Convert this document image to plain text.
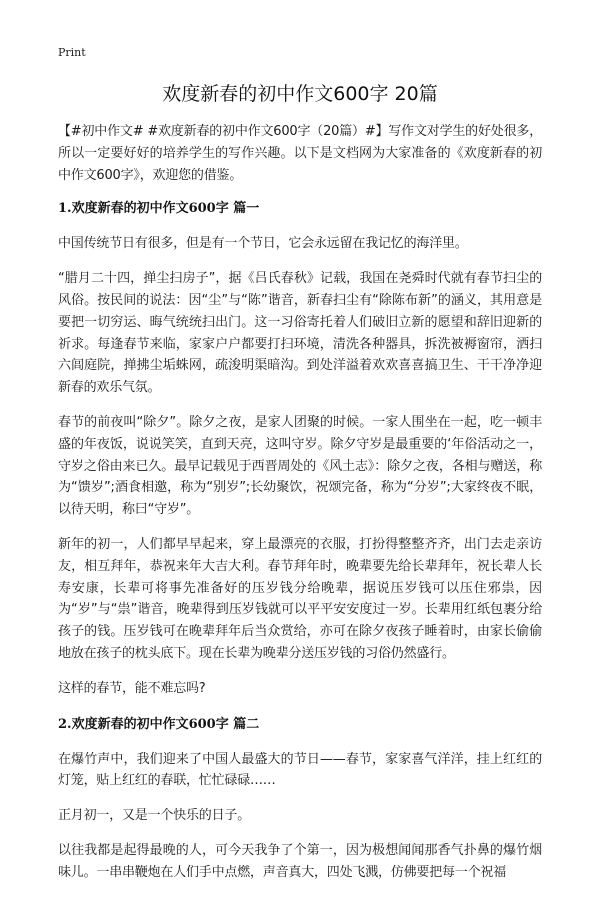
Print
欢度新春的初中作文600字 20篇

【#初中作文# #欢度新春的初中作文600字（20篇）#】写作文对学生的好处很多，所以一定要好好的培养学生的写作兴趣。以下是文档网为大家准备的《欢度新春的初中作文600字》，欢迎您的借鉴。

1.欢度新春的初中作文600字 篇一

中国传统节日有很多，但是有一个节日，它会永远留在我记忆的海洋里。

“腊月二十四，掸尘扫房子”，据《吕氏春秋》记载，我国在尧舜时代就有春节扫尘的风俗。按民间的说法：因“尘”与“陈”谐音，新春扫尘有“除陈布新”的涵义，其用意是要把一切穷运、晦气统统扫出门。这一习俗寄托着人们破旧立新的愿望和辞旧迎新的祈求。每逢春节来临，家家户户都要打扫环境，清洗各种器具，拆洗被褥窗帘，洒扫六闾庭院，掸拂尘垢蛛网，疏浚明渠暗沟。到处洋溢着欢欢喜喜搞卫生、干干净净迎新春的欢乐气氛。

春节的前夜叫“除夕”。除夕之夜，是家人团聚的时候。一家人围坐在一起，吃一顿丰盛的年夜饭，说说笑笑，直到天亮，这叫守岁。除夕守岁是最重要的‘年俗活动之一，守岁之俗由来已久。最早记载见于西晋周处的《风土志》：除夕之夜，各相与赠送，称为“馈岁”;酒食相邀，称为“别岁”;长幼聚饮，祝颂完备，称为“分岁”;大家终夜不眠，以待天明，称曰“守岁”。

新年的初一，人们都早早起来，穿上最漂亮的衣服，打扮得整整齐齐，出门去走亲访友，相互拜年，恭祝来年大吉大利。春节拜年时，晚辈要先给长辈拜年，祝长辈人长寿安康，长辈可将事先准备好的压岁钱分给晚辈，据说压岁钱可以压住邪祟，因为“岁”与“祟”谐音，晚辈得到压岁钱就可以平平安安度过一岁。长辈用红纸包裹分给孩子的钱。压岁钱可在晚辈拜年后当众赏给，亦可在除夕夜孩子睡着时，由家长偷偷地放在孩子的枕头底下。现在长辈为晚辈分送压岁钱的习俗仍然盛行。

这样的春节，能不难忘吗?

2.欢度新春的初中作文600字 篇二

在爆竹声中，我们迎来了中国人最盛大的节日——春节，家家喜气洋洋，挂上红红的灯笼，贴上红红的春联，忙忙碌碌……

正月初一，又是一个快乐的日子。

以往我都是起得最晚的人，可今天我争了个第一，因为极想闻闻那香气扑鼻的爆竹烟味儿。一串串鞭炮在人们手中点燃，声音真大，四处飞溅，仿佛要把每一个祝福
